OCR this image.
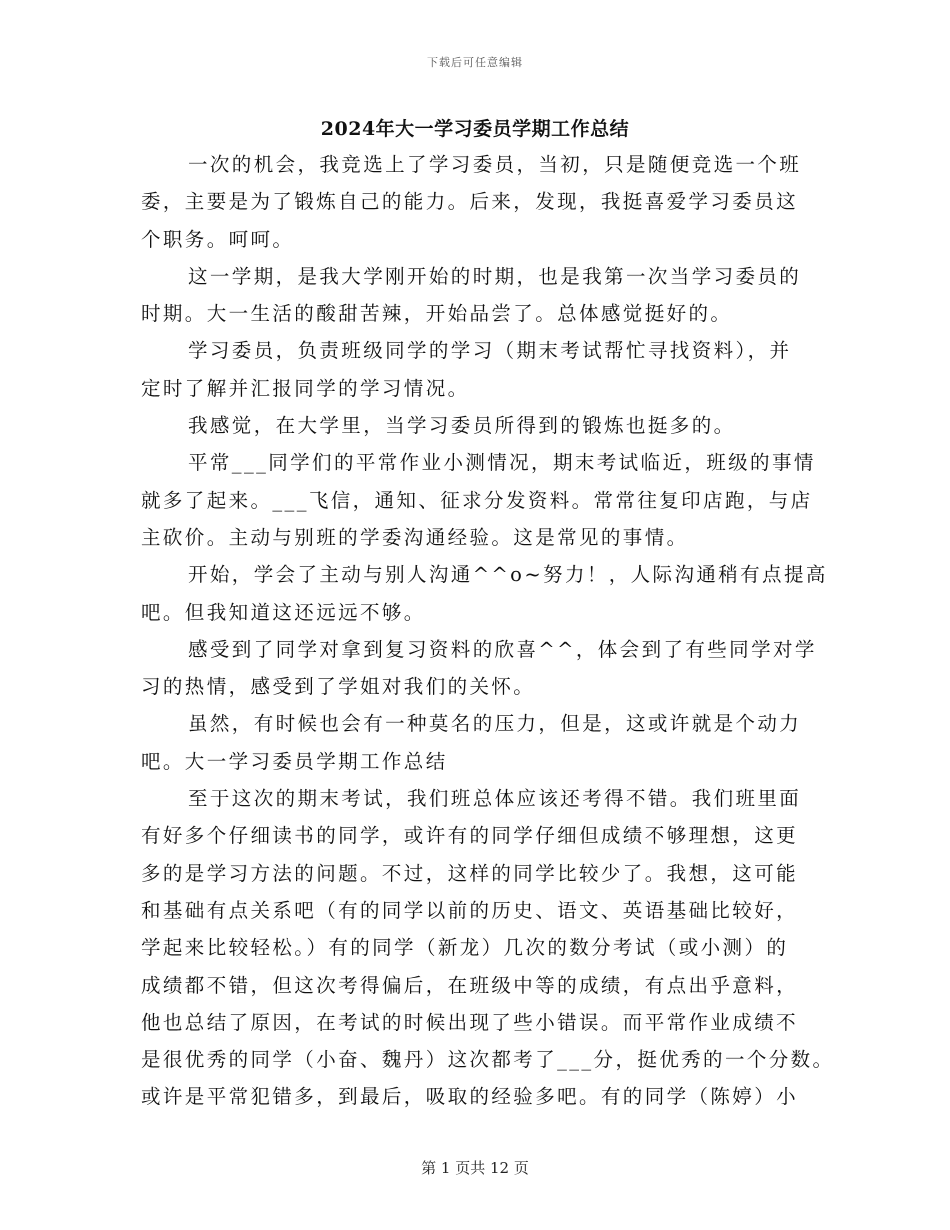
下载后可任意编辑
2024年大一学习委员学期工作总结
一次的机会，我竞选上了学习委员，当初，只是随便竞选一个班
委，主要是为了锻炼自己的能力。后来，发现，我挺喜爱学习委员这
个职务。呵呵。
这一学期，是我大学刚开始的时期，也是我第一次当学习委员的
时期。大一生活的酸甜苦辣，开始品尝了。总体感觉挺好的。
学习委员，负责班级同学的学习（期末考试帮忙寻找资料），并
定时了解并汇报同学的学习情况。
我感觉，在大学里，当学习委员所得到的锻炼也挺多的。
平常___同学们的平常作业小测情况，期末考试临近，班级的事情
就多了起来。___飞信，通知、征求分发资料。常常往复印店跑，与店
主砍价。主动与别班的学委沟通经验。这是常见的事情。
开始，学会了主动与别人沟通^^o~努力！，人际沟通稍有点提高
吧。但我知道这还远远不够。
感受到了同学对拿到复习资料的欣喜^^，体会到了有些同学对学
习的热情，感受到了学姐对我们的关怀。
虽然，有时候也会有一种莫名的压力，但是，这或许就是个动力
吧。大一学习委员学期工作总结
至于这次的期末考试，我们班总体应该还考得不错。我们班里面
有好多个仔细读书的同学，或许有的同学仔细但成绩不够理想，这更
多的是学习方法的问题。不过，这样的同学比较少了。我想，这可能
和基础有点关系吧（有的同学以前的历史、语文、英语基础比较好，
学起来比较轻松。）有的同学（新龙）几次的数分考试（或小测）的
成绩都不错，但这次考得偏后，在班级中等的成绩，有点出乎意料，
他也总结了原因，在考试的时候出现了些小错误。而平常作业成绩不
是很优秀的同学（小奋、魏丹）这次都考了___分，挺优秀的一个分数。
或许是平常犯错多，到最后，吸取的经验多吧。有的同学（陈婷）小
第 1 页共 12 页
